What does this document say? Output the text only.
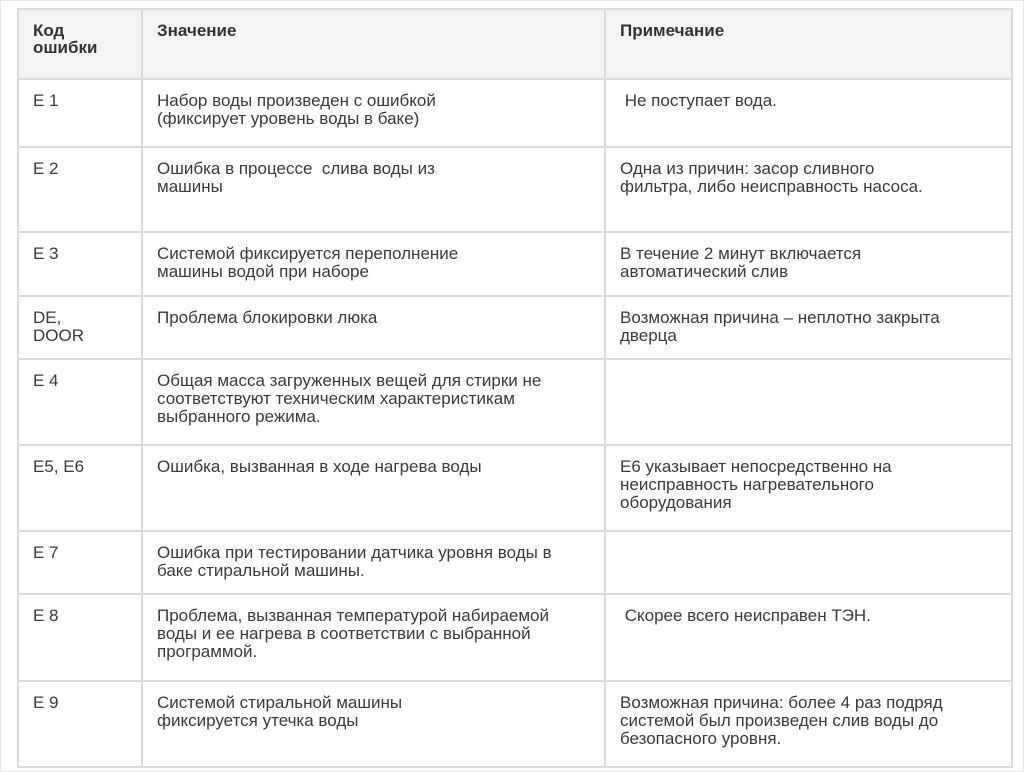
Код
ошибки	Значение	Примечание

E 1	Набор воды произведен с ошибкой (фиксирует уровень воды в баке)	Не поступает вода.

E 2	Ошибка в процессе  слива воды из машины	Одна из причин: засор сливного фильтра, либо неисправность насоса.

E 3	Системой фиксируется переполнение машины водой при наборе	В течение 2 минут включается автоматический слив

DE, DOOR	Проблема блокировки люка	Возможная причина – неплотно закрыта дверца

E 4	Общая масса загруженных вещей для стирки не соответствуют техническим характеристикам выбранного режима.	

E5, E6	Ошибка, вызванная в ходе нагрева воды	E6 указывает непосредственно на неисправность нагревательного оборудования

E 7	Ошибка при тестировании датчика уровня воды в баке стиральной машины.	

E 8	Проблема, вызванная температурой набираемой воды и ее нагрева в соответствии с выбранной программой.	Скорее всего неисправен ТЭН.

E 9	Системой стиральной машины фиксируется утечка воды	Возможная причина: более 4 раз подряд системой был произведен слив воды до безопасного уровня.
